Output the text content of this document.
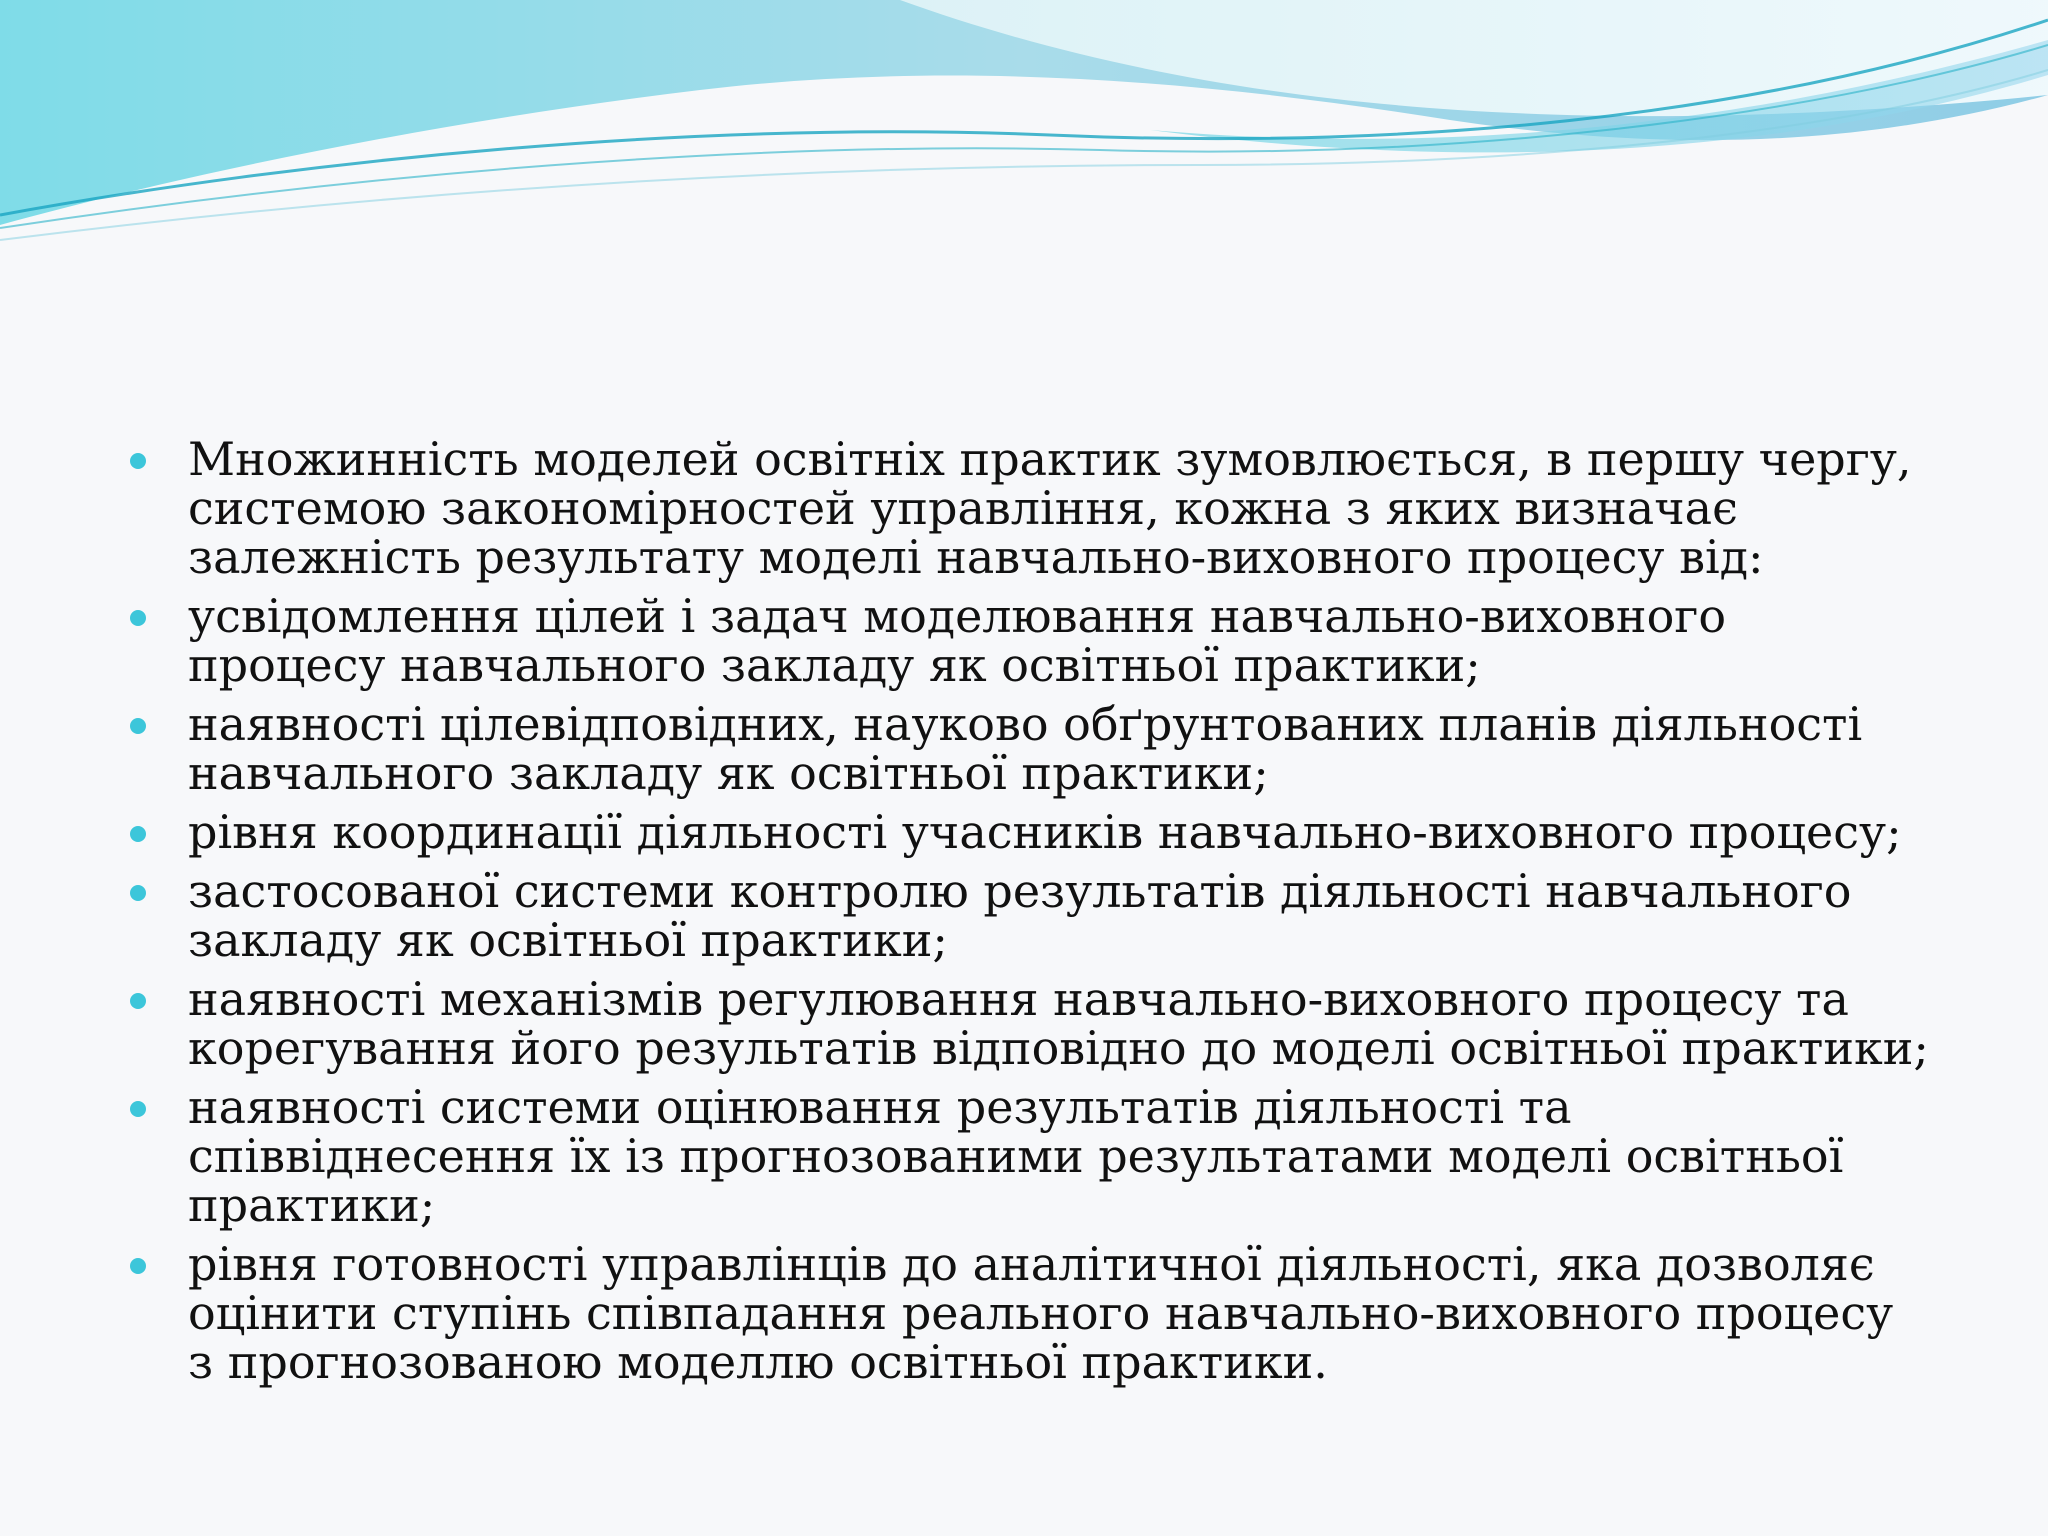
Множинність моделей освітніх практик зумовлюється, в першу чергу, системою закономірностей управління, кожна з яких визначає залежність результату моделі навчально-виховного процесу від:
усвідомлення цілей і задач моделювання навчально-виховного процесу навчального закладу як освітньої практики;
наявності цілевідповідних, науково обґрунтованих планів діяльності навчального закладу як освітньої практики;
рівня координації діяльності учасників навчально-виховного процесу;
застосованої системи контролю результатів діяльності навчального закладу як освітньої практики;
наявності механізмів регулювання навчально-виховного процесу та корегування його результатів відповідно до моделі освітньої практики;
наявності системи оцінювання результатів діяльності та співвіднесення їх із прогнозованими результатами моделі освітньої практики;
рівня готовності управлінців до аналітичної діяльності, яка дозволяє оцінити ступінь співпадання реального навчально-виховного процесу з прогнозованою моделлю освітньої практики.
